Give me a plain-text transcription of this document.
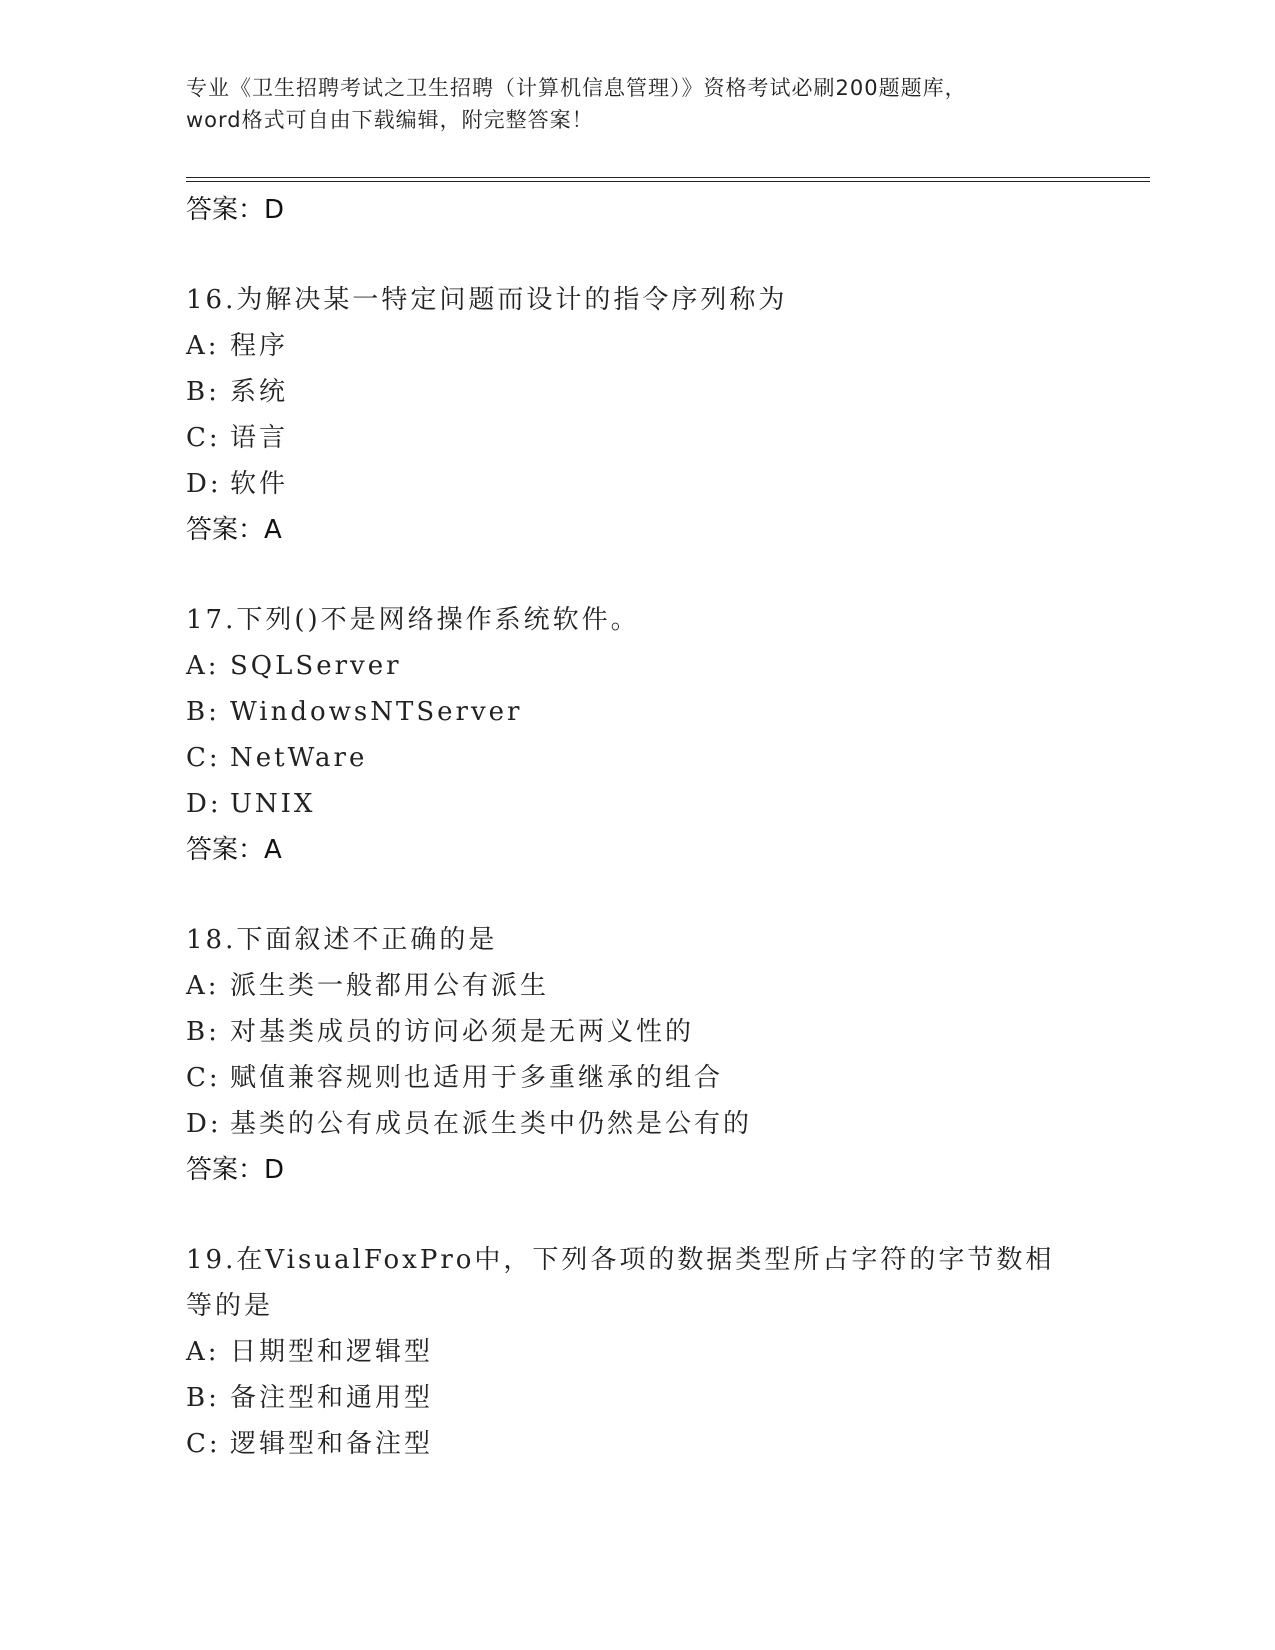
专业《卫生招聘考试之卫生招聘（计算机信息管理）》资格考试必刷200题题库，
word格式可自由下载编辑，附完整答案！
答案：D
16.为解决某一特定问题而设计的指令序列称为
A: 程序
B: 系统
C: 语言
D: 软件
答案：A
17.下列()不是网络操作系统软件。
A: SQLServer
B: WindowsNTServer
C: NetWare
D: UNIX
答案：A
18.下面叙述不正确的是
A: 派生类一般都用公有派生
B: 对基类成员的访问必须是无两义性的
C: 赋值兼容规则也适用于多重继承的组合
D: 基类的公有成员在派生类中仍然是公有的
答案：D
19.在VisualFoxPro中，下列各项的数据类型所占字符的字节数相等的是
A: 日期型和逻辑型
B: 备注型和通用型
C: 逻辑型和备注型
